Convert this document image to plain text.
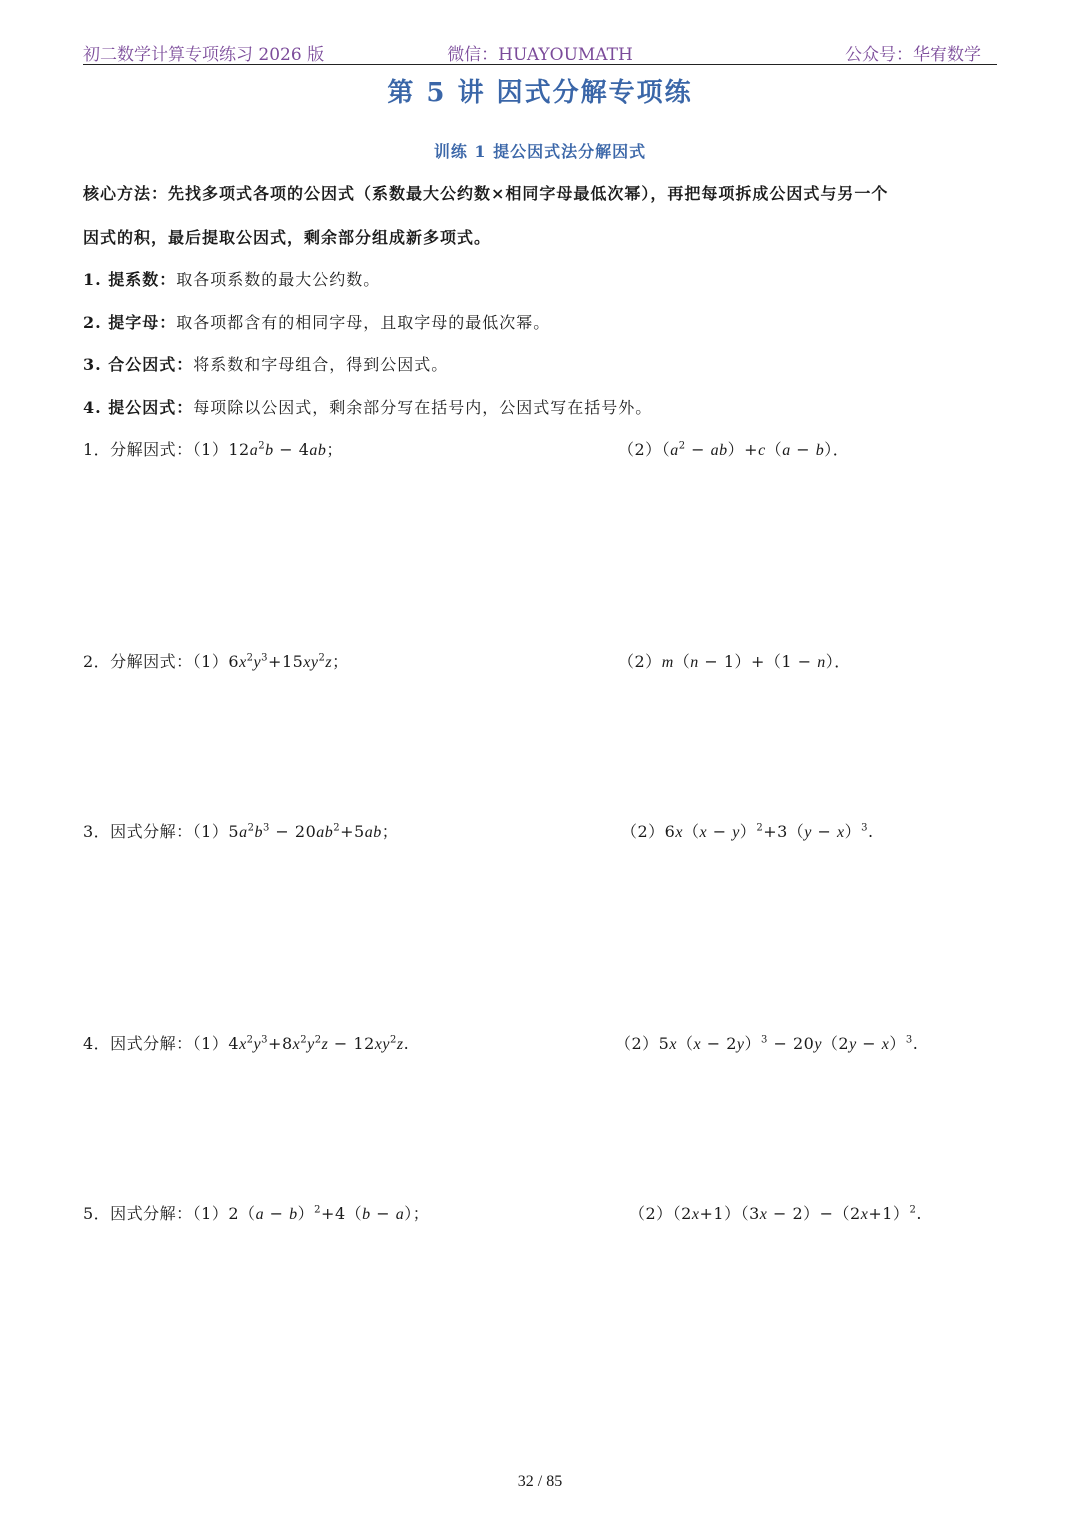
初二数学计算专项练习 2026 版	微信：HUAYOUMATH	公众号：华宥数学
第 5 讲 因式分解专项练
训练 1 提公因式法分解因式
核心方法：先找多项式各项的公因式（系数最大公约数×相同字母最低次幂），再把每项拆成公因式与另一个
因式的积，最后提取公因式，剩余部分组成新多项式。
1. 提系数：取各项系数的最大公约数。
2. 提字母：取各项都含有的相同字母，且取字母的最低次幂。
3. 合公因式：将系数和字母组合，得到公因式。
4. 提公因式：每项除以公因式，剩余部分写在括号内，公因式写在括号外。
1．分解因式：$(1)12a^2b - 4ab$；	$(2)(a^2 - ab)+c(a - b)$．
2．分解因式：$(1)6x^2y^3+15xy^2z$；	（2）m（n − 1）+（1 − n）．
3．因式分解：$(1)5a^2b^3 - 20ab^2+5ab$；	$(2)6x(x - y)^2+3(y - x)^3$.
4．因式分解：$(1)4x^2y^3+8x^2y^2z - 12xy^2z$.	$(2)5x(x - 2y)^3 - 20y(2y - x)^3$.
5．因式分解：$(1)2(a - b)^2+4(b - a)$；	$(2)(2x+1)(3x - 2)-(2x+1)^2$.
32 / 85
